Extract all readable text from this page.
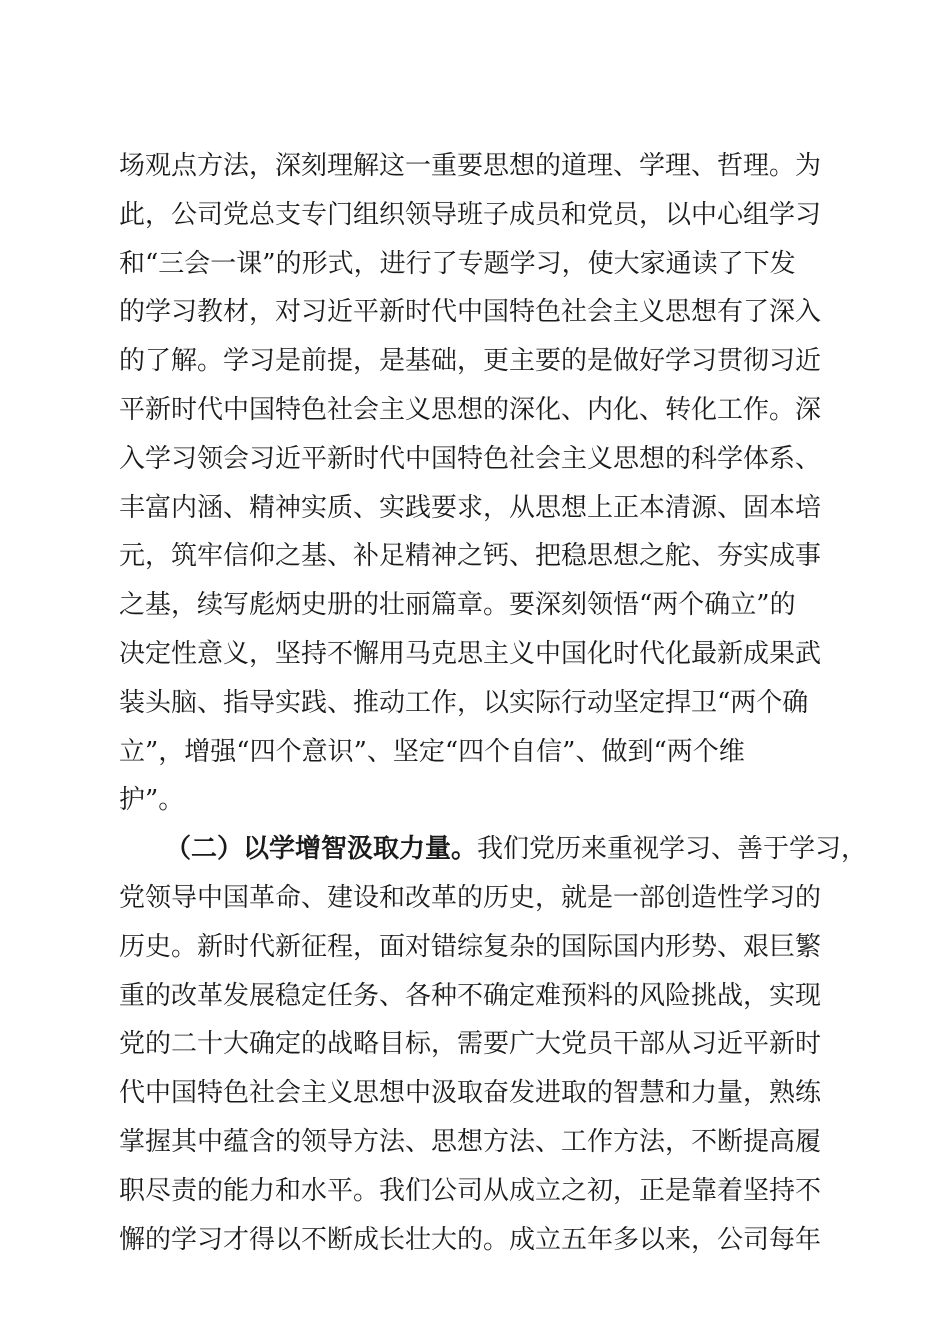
场观点方法，深刻理解这一重要思想的道理、学理、哲理。为
此，公司党总支专门组织领导班子成员和党员，以中心组学习
和“三会一课”的形式，进行了专题学习，使大家通读了下发
的学习教材，对习近平新时代中国特色社会主义思想有了深入
的了解。学习是前提，是基础，更主要的是做好学习贯彻习近
平新时代中国特色社会主义思想的深化、内化、转化工作。深
入学习领会习近平新时代中国特色社会主义思想的科学体系、
丰富内涵、精神实质、实践要求，从思想上正本清源、固本培
元，筑牢信仰之基、补足精神之钙、把稳思想之舵、夯实成事
之基，续写彪炳史册的壮丽篇章。要深刻领悟“两个确立”的
决定性意义，坚持不懈用马克思主义中国化时代化最新成果武
装头脑、指导实践、推动工作，以实际行动坚定捍卫“两个确
立”，增强“四个意识”、坚定“四个自信”、做到“两个维
护”。
（二）以学增智汲取力量。我们党历来重视学习、善于学习，
党领导中国革命、建设和改革的历史，就是一部创造性学习的
历史。新时代新征程，面对错综复杂的国际国内形势、艰巨繁
重的改革发展稳定任务、各种不确定难预料的风险挑战，实现
党的二十大确定的战略目标，需要广大党员干部从习近平新时
代中国特色社会主义思想中汲取奋发进取的智慧和力量，熟练
掌握其中蕴含的领导方法、思想方法、工作方法，不断提高履
职尽责的能力和水平。我们公司从成立之初，正是靠着坚持不
懈的学习才得以不断成长壮大的。成立五年多以来，公司每年
